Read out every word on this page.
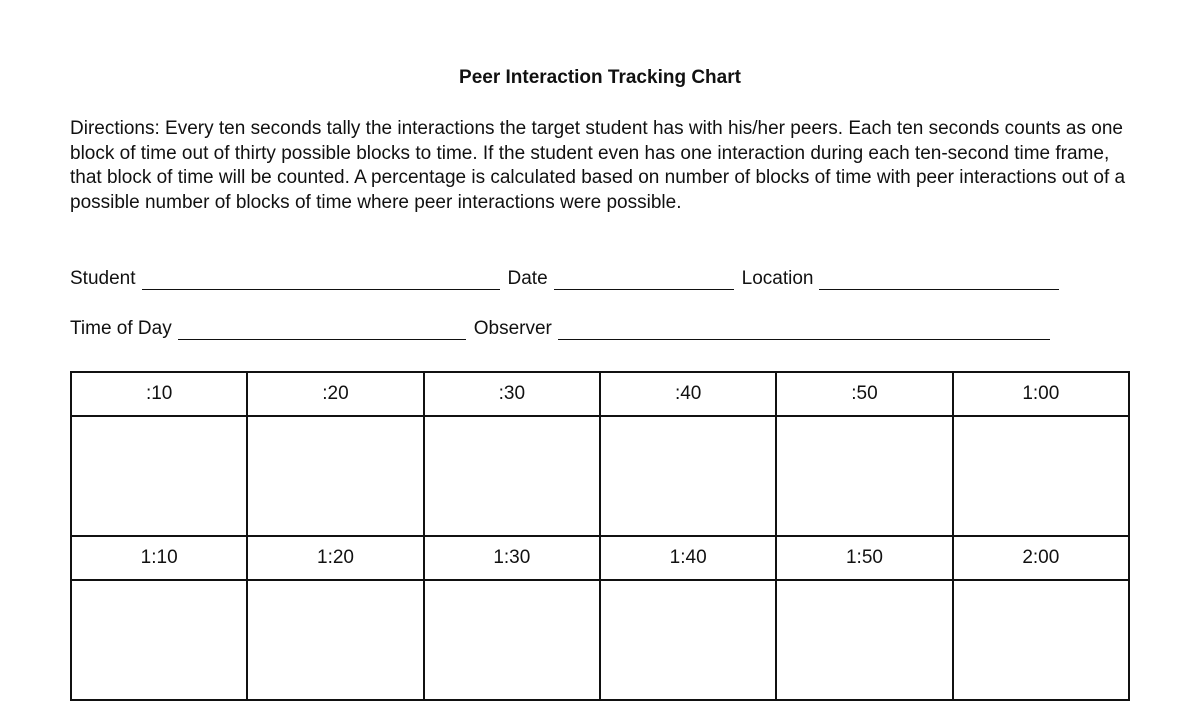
Peer Interaction Tracking Chart

Directions: Every ten seconds tally the interactions the target student has with his/her peers. Each ten seconds counts as one block of time out of thirty possible blocks to time. If the student even has one interaction during each ten-second time frame, that block of time will be counted. A percentage is calculated based on number of blocks of time with peer interactions out of a possible number of blocks of time where peer interactions were possible.

Student	Date	Location
Time of Day	Observer
:10	:20	:30	:40	:50	1:00

1:10	1:20	1:30	1:40	1:50	2:00
